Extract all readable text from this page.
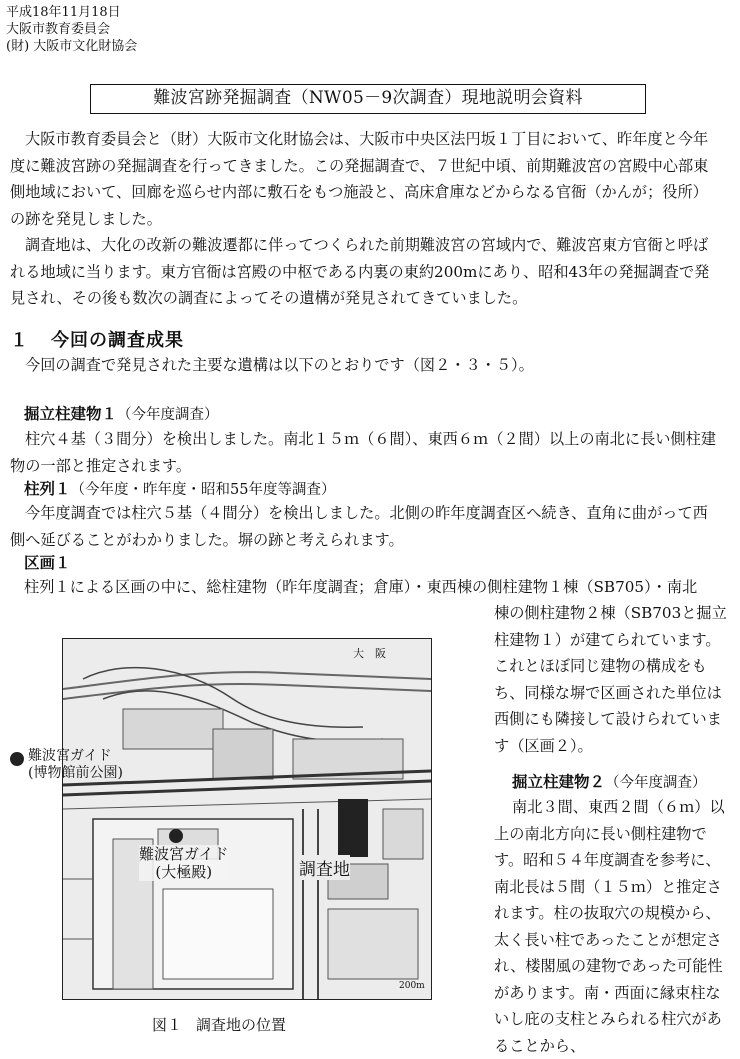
平成18年11月18日
大阪市教育委員会
(財) 大阪市文化財協会
難波宮跡発掘調査（NW05－9次調査）現地説明会資料

大阪市教育委員会と（財）大阪市文化財協会は、大阪市中央区法円坂１丁目において、昨年度と今年度に難波宮跡の発掘調査を行ってきました。この発掘調査で、７世紀中頃、前期難波宮の宮殿中心部東側地域において、回廊を巡らせ内部に敷石をもつ施設と、高床倉庫などからなる官衙（かんが；役所）の跡を発見しました。

調査地は、大化の改新の難波遷都に伴ってつくられた前期難波宮の宮域内で、難波宮東方官衙と呼ばれる地域に当ります。東方官衙は宮殿の中枢である内裏の東約200mにあり、昭和43年の発掘調査で発見され、その後も数次の調査によってその遺構が発見されてきていました。

１ 今回の調査成果

今回の調査で発見された主要な遺構は以下のとおりです（図２・３・５）。

掘立柱建物１（今年度調査）

柱穴４基（３間分）を検出しました。南北１５ｍ（６間）、東西６ｍ（２間）以上の南北に長い側柱建物の一部と推定されます。

柱列１（今年度・昨年度・昭和55年度等調査）

今年度調査では柱穴５基（４間分）を検出しました。北側の昨年度調査区へ続き、直角に曲がって西側へ延びることがわかりました。塀の跡と考えられます。

区画１

柱列１による区画の中に、総柱建物（昨年度調査；倉庫）・東西棟の側柱建物１棟（SB705）・南北

棟の側柱建物２棟（SB703と掘立柱建物１）が建てられています。これとほぼ同じ建物の構成をもち、同様な塀で区画された単位は西側にも隣接して設けられています（区画２）。

掘立柱建物２（今年度調査）

南北３間、東西２間（６ｍ）以上の南北方向に長い側柱建物です。昭和５４年度調査を参考に、南北長は５間（１５ｍ）と推定されます。柱の抜取穴の規模から、太く長い柱であったことが想定され、楼閣風の建物であった可能性があります。南・西面に縁束柱ないし庇の支柱とみられる柱穴があることから、

大　阪
調査地
難波宮ガイド
(大極殿)
200m
難波宮ガイド
(博物館前公園)
図１ 調査地の位置
